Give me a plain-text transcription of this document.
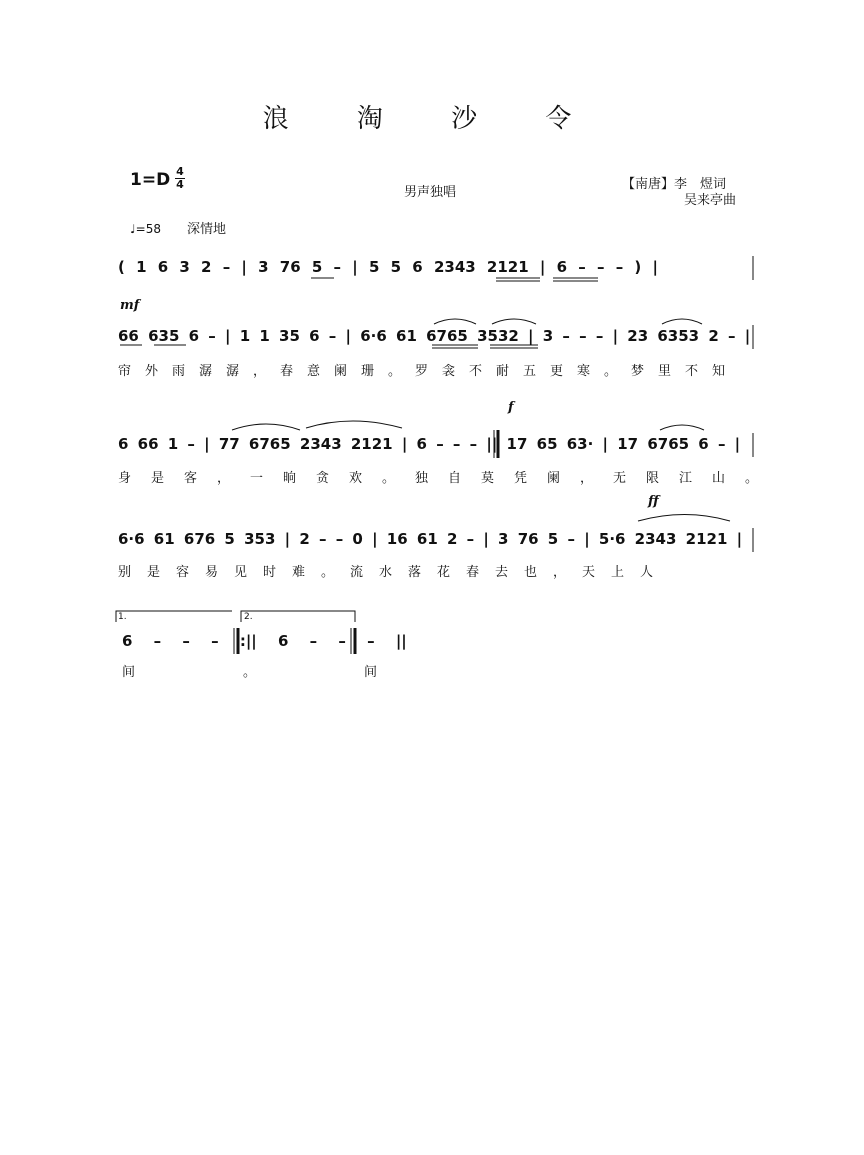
浪 淘 沙 令
1=D 4
4
男声独唱
【南唐】李　煜词
吴来亭曲
♩=58 深情地
mf
f
ff
( 1 6 3 2 – | 3 76 5 – | 5 5 6 2343 2121 | 6 – – – ) |
66 635 6 – | 1 1 35 6 – | 6·6 61 6765 3532 | 3 – – – | 23 6353 2 – |
帘外雨潺潺，春意阑珊。罗衾不耐五更寒。梦里不知
6 66 1 – | 77 6765 2343 2121 | 6 – – – || 17 65 63· | 17 6765 6 – |
身是客，一晌贪欢。独自莫凭阑，无限江山。
6·6 61 676 5 353 | 2 – – 0 | 16 61 2 – | 3 76 5 – | 5·6 2343 2121 |
别是容易见时难。流水落花春去也，天上人
1.	2.
6 – – – :|| 6 – – – ||
间。间
